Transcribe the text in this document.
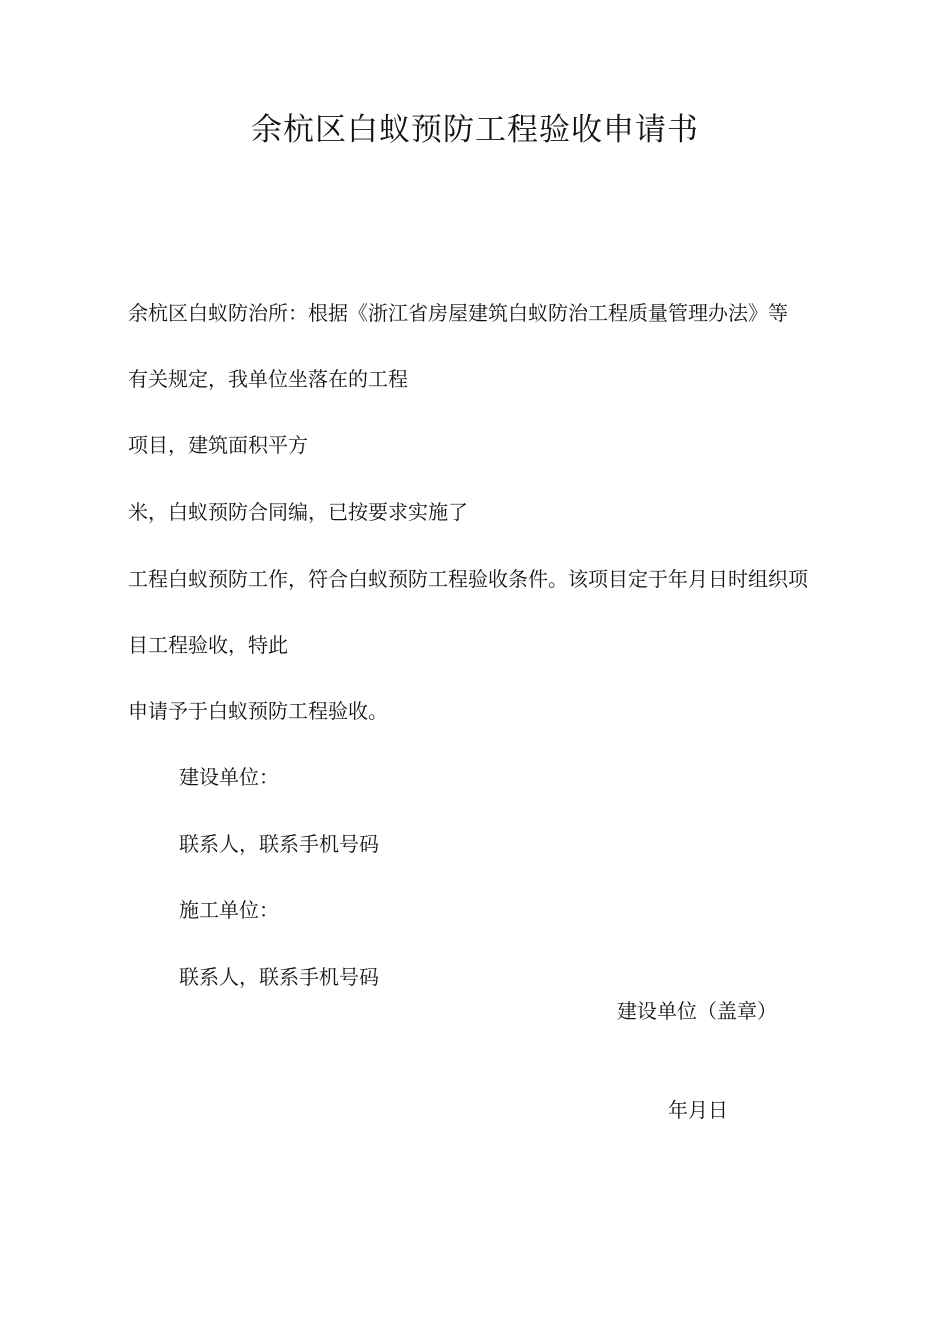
余杭区白蚁预防工程验收申请书
余杭区白蚁防治所：根据《浙江省房屋建筑白蚁防治工程质量管理办法》等
有关规定，我单位坐落在的工程
项目，建筑面积平方
米，白蚁预防合同编，已按要求实施了
工程白蚁预防工作，符合白蚁预防工程验收条件。该项目定于年月日时组织项
目工程验收，特此
申请予于白蚁预防工程验收。
建设单位：
联系人，联系手机号码
施工单位：
联系人，联系手机号码
建设单位（盖章）
年月日
